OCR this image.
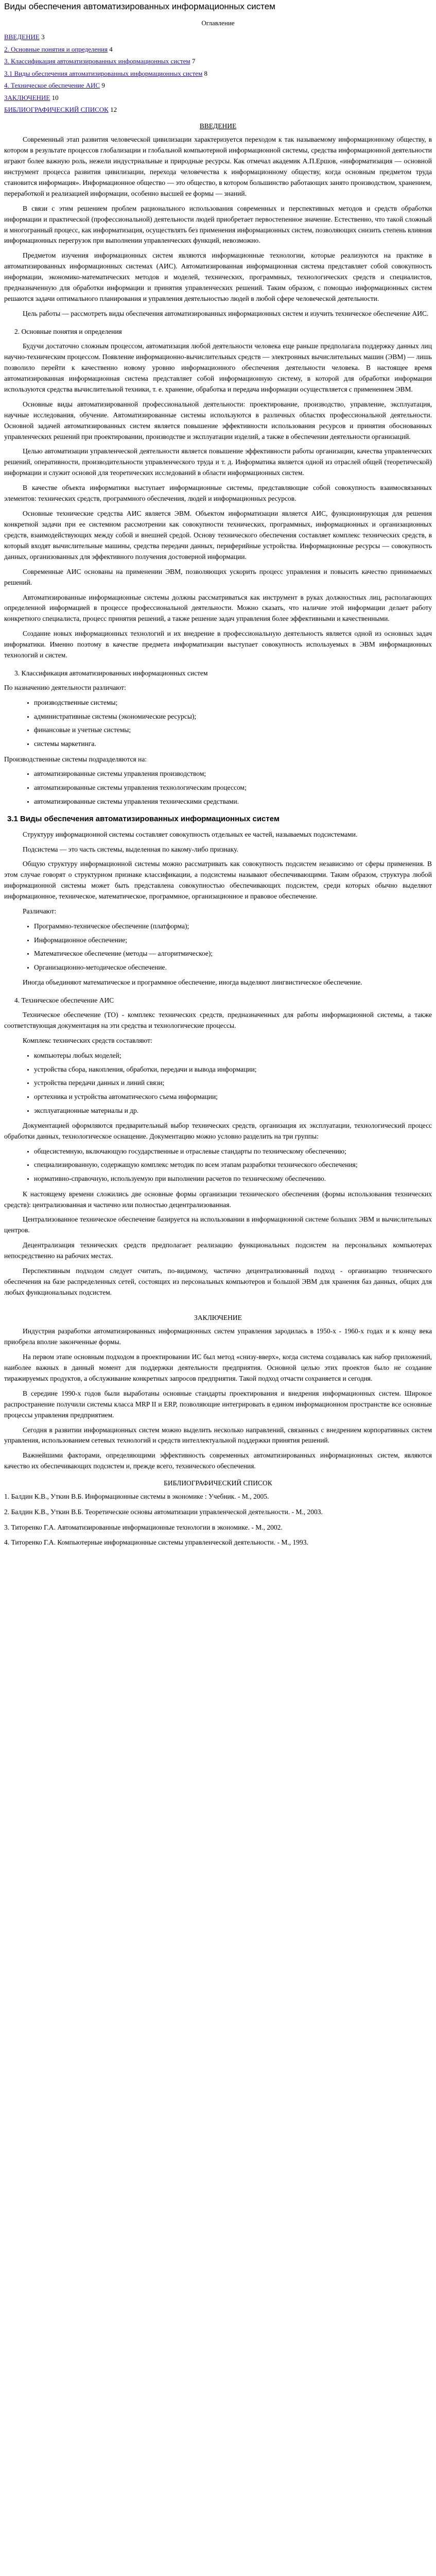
Виды обеспечения автоматизированных информационных систем
Оглавление
ВВЕДЕНИЕ 3
2. Основные понятия и определения 4
3. Классификация автоматизированных информационных систем 7
3.1 Виды обеспечения автоматизированных информационных систем 8
4. Техническое обеспечение АИС 9
ЗАКЛЮЧЕНИЕ 10
БИБЛИОГРАФИЧЕСКИЙ СПИСОК 12
ВВЕДЕНИЕ

Современный этап развития человеческой цивилизации характеризуется переходом к так называемому информационному обществу, в котором в результате процессов глобализации и глобальной компьютерной информационной системы, средства информационной деятельности играют более важную роль, нежели индустриальные и природные ресурсы. Как отмечал академик А.П.Ершов, «информатизация — основной инструмент процесса развития цивилизации, перехода человечества к информационному обществу, когда основным предметом труда становится информация». Информационное общество — это общество, в котором большинство работающих занято производством, хранением, переработкой и реализацией информации, особенно высшей ее формы — знаний.

В связи с этим решением проблем рационального использования современных и перспективных методов и средств обработки информации и практической (профессиональной) деятельности людей приобретает первостепенное значение. Естественно, что такой сложный и многогранный процесс, как информатизация, осуществлять без применения информационных систем, позволяющих снизить степень влияния информационных перегрузок при выполнении управленческих функций, невозможно.

Предметом изучения информационных систем являются информационные технологии, которые реализуются на практике в автоматизированных информационных системах (АИС). Автоматизированная информационная система представляет собой совокупность информации, экономико-математических методов и моделей, технических, программных, технологических средств и специалистов, предназначенную для обработки информации и принятия управленческих решений. Таким образом, с помощью информационных систем решаются задачи оптимального планирования и управления деятельностью людей в любой сфере человеческой деятельности.

Цель работы — рассмотреть виды обеспечения автоматизированных информационных систем и изучить техническое обеспечение АИС.

2. Основные понятия и определения

Будучи достаточно сложным процессом, автоматизация любой деятельности человека еще раньше предполагала поддержку данных лиц научно-техническим процессом. Появление информационно-вычислительных средств — электронных вычислительных машин (ЭВМ) — лишь позволило перейти к качественно новому уровню информационного обеспечения деятельности человека. В настоящее время автоматизированная информационная система представляет собой информационную систему, в которой для обработки информации используются средства вычислительной техники, т. е. хранение, обработка и передача информации осуществляется с применением ЭВМ.

Основные виды автоматизированной профессиональной деятельности: проектирование, производство, управление, эксплуатация, научные исследования, обучение. Автоматизированные системы используются в различных областях профессиональной деятельности. Основной задачей автоматизированных систем является повышение эффективности использования ресурсов и принятия обоснованных управленческих решений при проектировании, производстве и эксплуатации изделий, а также в обеспечении деятельности организаций.

Целью автоматизации управленческой деятельности является повышение эффективности работы организации, качества управленческих решений, оперативности, производительности управленческого труда и т. д. Информатика является одной из отраслей общей (теоретической) информации и служит основой для теоретических исследований в области информационных систем.

В качестве объекта информатики выступает информационные системы, представляющие собой совокупность взаимосвязанных элементов: технических средств, программного обеспечения, людей и информационных ресурсов.

Основные технические средства АИС является ЭВМ. Объектом информатизации является АИС, функционирующая для решения конкретной задачи при ее системном рассмотрении как совокупности технических, программных, информационных и организационных средств, взаимодействующих между собой и внешней средой. Основу технического обеспечения составляет комплекс технических средств, в который входят вычислительные машины, средства передачи данных, периферийные устройства. Информационные ресурсы — совокупность данных, организованных для эффективного получения достоверной информации.

Современные АИС основаны на применении ЭВМ, позволяющих ускорить процесс управления и повысить качество принимаемых решений.

Автоматизированные информационные системы должны рассматриваться как инструмент в руках должностных лиц, располагающих определенной информацией в процессе профессиональной деятельности. Можно сказать, что наличие этой информации делает работу конкретного специалиста, процесс принятия решений, а также решение задач управления более эффективными и качественными.

Создание новых информационных технологий и их внедрение в профессиональную деятельность является одной из основных задач информатики. Именно поэтому в качестве предмета информатизации выступает совокупность используемых в ЭВМ информационных технологий и систем.

3. Классификация автоматизированных информационных систем

По назначению деятельности различают:

• производственные системы;
• административные системы (экономические ресурсы);
• финансовые и учетные системы;
• системы маркетинга.

Производственные системы подразделяются на:

• автоматизированные системы управления производством;
• автоматизированные системы управления технологическим процессом;
• автоматизированные системы управления техническими средствами.
3.1 Виды обеспечения автоматизированных информационных систем

Структуру информационной системы составляет совокупность отдельных ее частей, называемых подсистемами.

Подсистема — это часть системы, выделенная по какому-либо признаку.

Общую структуру информационной системы можно рассматривать как совокупность подсистем независимо от сферы применения. В этом случае говорят о структурном признаке классификации, а подсистемы называют обеспечивающими. Таким образом, структура любой информационной системы может быть представлена совокупностью обеспечивающих подсистем, среди которых обычно выделяют информационное, техническое, математическое, программное, организационное и правовое обеспечение.

Различают:

• Программно-техническое обеспечение (платформа);
• Информационное обеспечение;
• Математическое обеспечение (методы — алгоритмическое);
• Организационно-методическое обеспечение.

Иногда объединяют математическое и программное обеспечение, иногда выделяют лингвистическое обеспечение.

4. Техническое обеспечение АИС

Техническое обеспечение (ТО) - комплекс технических средств, предназначенных для работы информационной системы, а также соответствующая документация на эти средства и технологические процессы.

Комплекс технических средств составляют:

• компьютеры любых моделей;
• устройства сбора, накопления, обработки, передачи и вывода информации;
• устройства передачи данных и линий связи;
• оргтехника и устройства автоматического съема информации;
• эксплуатационные материалы и др.

Документацией оформляются предварительный выбор технических средств, организация их эксплуатации, технологический процесс обработки данных, технологическое оснащение. Документацию можно условно разделить на три группы:

• общесистемную, включающую государственные и отраслевые стандарты по техническому обеспечению;
• специализированную, содержащую комплекс методик по всем этапам разработки технического обеспечения;
• нормативно-справочную, используемую при выполнении расчетов по техническому обеспечению.

К настоящему времени сложились две основные формы организации технического обеспечения (формы использования технических средств): централизованная и частично или полностью децентрализованная.

Централизованное техническое обеспечение базируется на использовании в информационной системе больших ЭВМ и вычислительных центров.

Децентрализация технических средств предполагает реализацию функциональных подсистем на персональных компьютерах непосредственно на рабочих местах.

Перспективным подходом следует считать, по-видимому, частично децентрализованный подход - организацию технического обеспечения на базе распределенных сетей, состоящих из персональных компьютеров и большой ЭВМ для хранения баз данных, общих для любых функциональных подсистем.

ЗАКЛЮЧЕНИЕ

Индустрия разработки автоматизированных информационных систем управления зародилась в 1950-х - 1960-х годах и к концу века приобрела вполне законченные формы.

На первом этапе основным подходом в проектировании ИС был метод «снизу-вверх», когда система создавалась как набор приложений, наиболее важных в данный момент для поддержки деятельности предприятия. Основной целью этих проектов было не создание тиражируемых продуктов, а обслуживание конкретных запросов предприятия. Такой подход отчасти сохраняется и сегодня.

В середине 1990-х годов были выработаны основные стандарты проектирования и внедрения информационных систем. Широкое распространение получили системы класса MRP II и ERP, позволяющие интегрировать в едином информационном пространстве все основные процессы управления предприятием.

Сегодня в развитии информационных систем можно выделить несколько направлений, связанных с внедрением корпоративных систем управления, использованием сетевых технологий и средств интеллектуальной поддержки принятия решений.

Важнейшими факторами, определяющими эффективность современных автоматизированных информационных систем, являются качество их обеспечивающих подсистем и, прежде всего, технического обеспечения.

БИБЛИОГРАФИЧЕСКИЙ СПИСОК
1. Балдин К.В., Уткин В.Б. Информационные системы в экономике : Учебник. - М., 2005.
2. Балдин К.В., Уткин В.Б. Теоретические основы автоматизации управленческой деятельности. - М., 2003.
3. Титоренко Г.А. Автоматизированные информационные технологии в экономике. - М., 2002.
4. Титоренко Г.А. Компьютерные информационные системы управленческой деятельности. - М., 1993.
